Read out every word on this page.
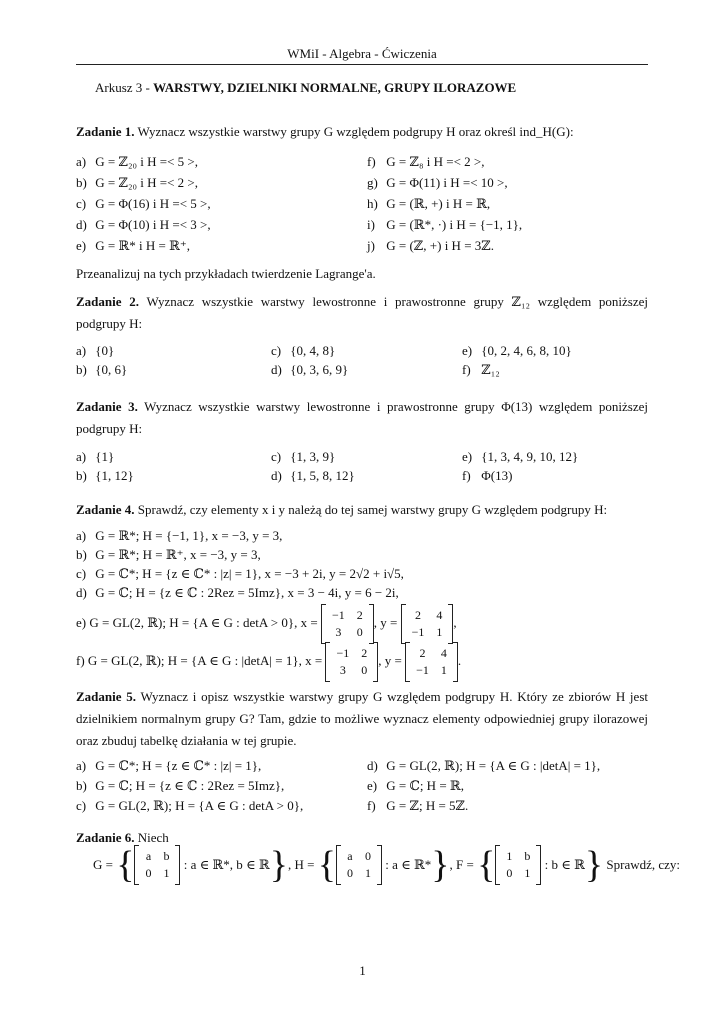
WMiI - Algebra - Ćwiczenia
Arkusz 3 - WARSTWY, DZIELNIKI NORMALNE, GRUPY ILORAZOWE
Zadanie 1. Wyznacz wszystkie warstwy grupy G względem podgrupy H oraz określ ind_H(G):
a) G = ℤ₂₀ i H =< 5 >,
b) G = ℤ₂₀ i H =< 2 >,
c) G = Φ(16) i H =< 5 >,
d) G = Φ(10) i H =< 3 >,
e) G = ℝ* i H = ℝ⁺,
f) G = ℤ₈ i H =< 2 >,
g) G = Φ(11) i H =< 10 >,
h) G = (ℝ, +) i H = ℝ,
i) G = (ℝ*, ·) i H = {−1, 1},
j) G = (ℤ, +) i H = 3ℤ.
Przeanalizuj na tych przykładach twierdzenie Lagrange'a.
Zadanie 2. Wyznacz wszystkie warstwy lewostronne i prawostronne grupy ℤ₁₂ względem poniższej podgrupy H:
a) {0}
b) {0, 6}
c) {0, 4, 8}
d) {0, 3, 6, 9}
e) {0, 2, 4, 6, 8, 10}
f) ℤ₁₂
Zadanie 3. Wyznacz wszystkie warstwy lewostronne i prawostronne grupy Φ(13) względem poniższej podgrupy H:
a) {1}
b) {1, 12}
c) {1, 3, 9}
d) {1, 5, 8, 12}
e) {1, 3, 4, 9, 10, 12}
f) Φ(13)
Zadanie 4. Sprawdź, czy elementy x i y należą do tej samej warstwy grupy G względem podgrupy H:
a) G = ℝ*; H = {−1, 1}, x = −3, y = 3,
b) G = ℝ*; H = ℝ⁺, x = −3, y = 3,
c) G = ℂ*; H = {z ∈ ℂ* : |z| = 1}, x = −3 + 2i, y = 2√2 + i√5,
d) G = ℂ; H = {z ∈ ℂ : 2Rez = 5Imz}, x = 3 − 4i, y = 6 − 2i,
e) G = GL(2, ℝ); H = {A ∈ G : detA > 0}, x = −1	2
3	0, y = 2	4
−1	1,
f) G = GL(2, ℝ); H = {A ∈ G : |detA| = 1}, x = −1	2
3	0, y = 2	4
−1	1.
Zadanie 5. Wyznacz i opisz wszystkie warstwy grupy G względem podgrupy H. Który ze zbiorów H jest dzielnikiem normalnym grupy G? Tam, gdzie to możliwe wyznacz elementy odpowiedniej grupy ilorazowej oraz zbuduj tabelkę działania w tej grupie.
a) G = ℂ*; H = {z ∈ ℂ* : |z| = 1},
b) G = ℂ; H = {z ∈ ℂ : 2Rez = 5Imz},
c) G = GL(2, ℝ); H = {A ∈ G : detA > 0},
d) G = GL(2, ℝ); H = {A ∈ G : |detA| = 1},
e) G = ℂ; H = ℝ,
f) G = ℤ; H = 5ℤ.
Zadanie 6. Niech
G = { a	b
0	1 : a ∈ ℝ*, b ∈ ℝ}, H = { a	0
0	1 : a ∈ ℝ*}, F = { 1	b
0	1 : b ∈ ℝ} Sprawdź, czy:
1
